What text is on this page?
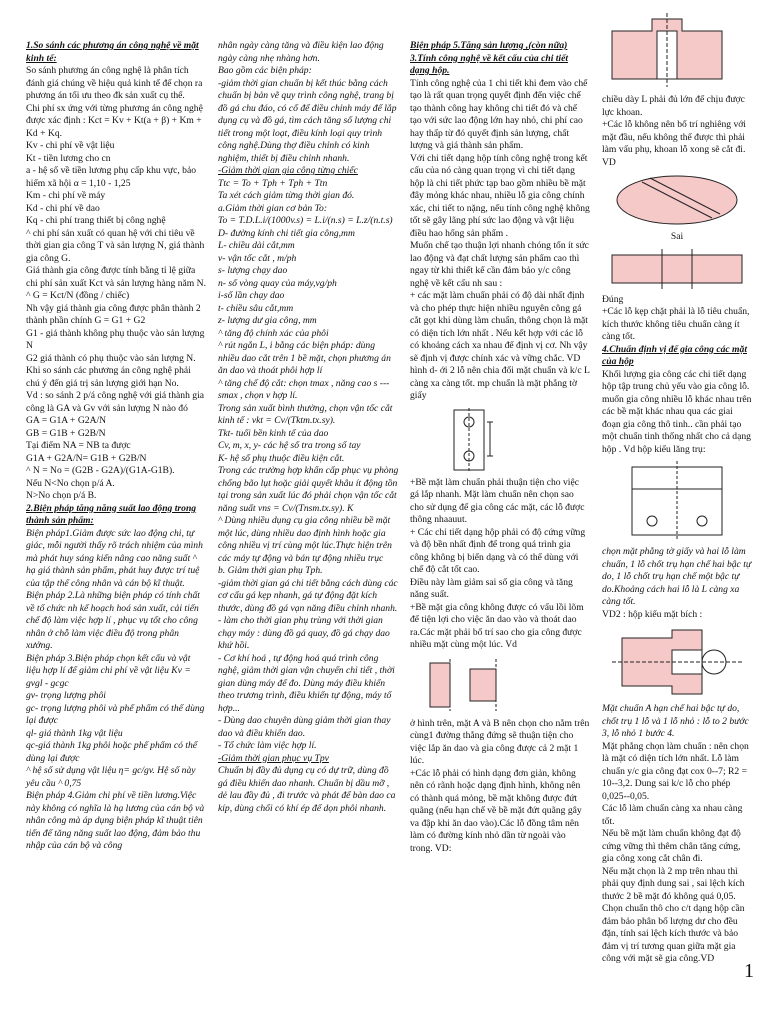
1.So sánh các phương án công nghệ về mặt kinh tế:

So sánh phương án công nghệ là phân tích đánh giá chúng về hiệu quả kinh tế để chọn ra phương án tối ưu theo đk sản xuất cụ thể.

Chi phí sx ứng với từng phương án công nghệ được xác định : Kct = Kv + Kt(a + β) + Km + Kd + Kq.

Kv - chi phí về vật liệu

Kt - tiền lương cho cn

a - hệ số về tiền lương phụ cấp khu vực, bảo hiểm xã hội α = 1,10 - 1,25

Km - chi phí về máy

Kd - chi phí về dao

Kq - chi phí trang thiết bị công nghệ

^ chi phí sản xuất có quan hệ với chi tiêu về thời gian gia công T và sản lượng N, giá thành gia công G.

Giá thành gia công được tính bằng tỉ lệ giữa chi phí sản xuất Kct và sản lượng hàng năm N.

^ G = Kct/N (đồng / chiếc)

Nh vậy giá thành gia công được phân thành 2 thành phần chính G = G1 + G2

G1 - giá thành không phụ thuộc vào sản lượng N

G2 giá thành có phụ thuộc vào sản lượng N.

Khi so sánh các phương án công nghệ phải chú ý đến giá trị sản lượng giới hạn No.

Vd : so sánh 2 p/á công nghệ với giá thành gia công là GA và Gv với sản lượng N nào đó

GA = G1A + G2A/N

GB = G1B + G2B/N

Tại điểm NA = NB ta được

G1A + G2A/N= G1B + G2B/N

^ N = No = (G2B - G2A)/(G1A-G1B).

Nếu N<No chọn p/á A.

N>No chọn p/á B.

2.Biện pháp tăng năng suất lao động trong thành sản phẩm:

Biện pháp1.Giảm được sức lao động chi, tự giác, mỗi người thấy rõ trách nhiệm của mình mà phát huy sáng kiến nâng cao năng suất ^ hạ giá thành sản phẩm, phát huy được trí tuệ của tập thể công nhân và cán bộ kĩ thuật.

Biện pháp 2.Là những biện pháp có tính chất về tổ chức nh kế hoạch hoá sản xuất, cải tiến chế độ làm việc hợp lí , phục vụ tốt cho công nhân ở chỗ làm việc điều độ trong phân xưởng.

Biện pháp 3.Biện pháp chọn kết cấu và vật liệu hợp lí để giảm chi phí về vật liệu Kv = gvgl - gcgc

gv- trọng lượng phôi

gc- trọng lượng phôi và phế phẩm có thể dùng lại được

ql- giá thành 1kg vật liệu

qc-giá thành 1kg phôi hoặc phế phẩm có thể dùng lại được

^ hệ số sử dụng vật liệu η= gc/gv. Hệ số này yêu cầu ^ 0,75

Biện pháp 4.Giảm chi phí về tiền lương.Việc này không có nghĩa là hạ lương của cán bộ và nhân công mà áp dụng biện pháp kĩ thuật tiên tiến để tăng năng suất lao động, đảm bảo thu nhập của cán bộ và công

nhân ngày càng tăng và điều kiện lao động ngày càng nhẹ nhàng hơn.

Bao gồm các biện pháp:

-giảm thời gian chuẩn bị kết thúc bằng cách chuẩn bị bản vẽ quy trình công nghệ, trang bị đồ gá chu đáo, có cố để điều chỉnh máy để lắp dụng cụ và đồ gá, tìm cách tăng số lượng chi tiết trong một loạt, điều kính loại quy trình công nghệ.Dùng thợ điều chỉnh có kinh nghiệm, thiết bị điều chỉnh nhanh.

-Giảm thời gian gia công từng chiếc

Ttc = To + Tph + Tph + Ttn

Ta xét cách giảm từng thời gian đó.

a.Giảm thời gian cơ bản To:

To = T.D.L.i/(1000v.s) = L.i/(n.s) = L.z/(n.t.s)

D- đường kính chi tiết gia công,mm

L- chiều dài cắt,mm

v- vận tốc cắt , m/ph

s- lượng chạy dao

n- số vòng quay của máy,vg/ph

i-số lần chạy dao

t- chiều sâu cắt,mm

z- lượng dư gia công, mm

^ tăng độ chính xác của phôi

^ rút ngắn L, i bằng các biện pháp: dùng

nhiều dao cắt trên 1 bề mặt, chọn phương án ăn dao và thoát phôi hợp lí

^ tăng chế độ cắt: chọn tmax , năng cao s --- smax , chọn v hợp lí.

Trong sản xuất bình thường, chọn vận tốc cắt kinh tế : vkt = Cv/(Tktm.tx.sy).

Tkt- tuổi bền kinh tế của dao

Cv, m, x, y- các hệ số tra trong sổ tay

K- hệ số phụ thuộc điều kiện cắt.

Trong các trường hợp khẩn cấp phục vụ phòng chống bão lụt hoặc giải quyết khâu ít động tồn tại trong sản xuất lúc đó phải chọn vận tốc cắt năng suất vns = Cv/(Tnsm.tx.sy). K

^ Dùng nhiều dụng cụ gia công nhiều bề mặt một lúc, dùng nhiều dao định hình hoặc gia công nhiều vị trí cùng một lúc.Thực hiện trên các máy tự động và bán tự động nhiều trục

b. Giảm thời gian phụ Tph.

-giảm thời gian gá chi tiết bằng cách dùng các cơ cấu gá kẹp nhanh, gá tự động đặt kích thước, dùng đồ gá vạn năng điều chỉnh nhanh.

- làm cho thời gian phụ trùng với thời gian chạy máy : dùng đồ gá quay, đồ gá chạy dao khứ hồi.

- Cơ khí hoá , tự động hoá quá trình công nghệ, giảm thời gian vận chuyển chi tiết , thời gian dùng máy để đo. Dùng máy điều khiển theo trương trình, điều khiển tự động, máy tổ hợp...

- Dùng dao chuyên dùng giảm thời gian thay dao và điều khiển dao.

- Tổ chức làm việc hợp lí.

-Giảm thời gian phục vụ Tpv

Chuẩn bị đầy đủ dụng cụ có dự trữ, dùng đồ gá điều khiển dao nhanh. Chuẩn bị dầu mỡ , dẻ lau đầy đủ , đi trước và phát để bàn dao ca kíp, dùng chổi có khí ép để dọn phôi nhanh.

Biện pháp 5.Tăng sản lượng ,(còn nữa)

3.Tính công nghệ về kết cấu của chi tiết dạng hộp.

Tính công nghệ của 1 chi tiết khi đem vào chế tạo là rất quan trọng quyết định đến việc chế tạo thành công hay không chi tiết đó và chế tạo với sức lao động lớn hay nhỏ, chi phí cao hay thấp từ đó quyết định sản lượng, chất lượng và giá thành sản phẩm.

Với chi tiết dạng hộp tính công nghệ trong kết cấu của nó càng quan trọng vì chi tiết dạng hộp là chi tiết phức tạp bao gồm nhiều bề mặt đây mỏng khác nhau, nhiều lỗ gia công chính xác, chi tiết to nặng, nếu tính công nghệ không tốt sẽ gây lãng phí sức lao động và vật liệu điều hao hổng sản phẩm .

Muốn chế tạo thuận lợi nhanh chóng tốn ít sức lao động và đạt chất lượng sản phẩm cao thì ngay từ khi thiết kế cần đảm bảo y/c công nghệ về kết cấu nh sau :

+ các mặt làm chuẩn phải có độ dài nhất định và cho phép thực hiện nhiều nguyên công gá cắt gọt khi dùng làm chuẩn, thông chọn là mặt có diện tích lớn nhất . Nếu kết hợp với các lỗ có khoảng cách xa nhau để định vị cơ. Nh vậy sẽ định vị được chính xác và vững chắc. VD hình d- ới 2 lỗ nên chia đối mặt chuẩn và k/c L càng xa càng tốt. mp chuẩn là mặt phẳng tờ giấy

+Bề mặt làm chuẩn phải thuận tiện cho việc gá lắp nhanh. Mặt làm chuẩn nên chọn sao cho sử dụng để gia công các mặt, các lỗ được thông nhaauut.

+ Các chi tiết dạng hộp phải có độ cứng vững và độ bền nhất định để trong quá trình gia công không bị biến dạng và có thể dùng với chế độ cắt tốt cao.

Điều này làm giảm sai số gia công và tăng năng suất.

+Bề mặt gia công không được có vấu lồi lõm để tiện lợi cho việc ăn dao vào và thoát dao ra.Các mặt phải bố trí sao cho gia công được nhiều mặt cùng một lúc. Vd

ở hình trên, mặt A và B nên chọn cho nằm trên cùng1 đường thẳng đứng sẽ thuận tiện cho việc lắp ăn dao và gia công được cả 2 mặt 1 lúc.

+Các lỗ phải có hình dạng đơn giản, không nên có rãnh hoặc dạng định hình, không nên có thành quá mỏng, bề mặt không được đứt quãng (nếu hạn chế về bề mặt đứt quãng gây va đập khi ăn dao vào).Các lỗ đồng tâm nên làm có đường kính nhỏ dần từ ngoài vào trong. VD:

chiều dày L phải đủ lớn để chịu được lực khoan.

+Các lỗ không nên bố trí nghiêng với mặt đầu, nếu không thể được thì phải làm vấu phụ, khoan lỗ xong sẽ cắt đi. VD

Sai

Đúng

+Các lỗ kẹp chặt phải là lỗ tiêu chuẩn, kích thước không tiêu chuẩn càng ít càng tốt.

4.Chuẩn định vị để gia công các mặt của hộp

Khối lượng gia công các chi tiết dạng hộp tập trung chủ yếu vào gia công lỗ. muốn gia công nhiều lỗ khác nhau trên các bề mặt khác nhau qua các giai đoạn gia công thô tinh.. cần phải tạo một chuẩn tinh thống nhất cho cả dạng hộp . Vd hộp kiểu lăng trụ:

chọn mặt phẳng tờ giấy và hai lỗ làm chuẩn, 1 lỗ chốt trụ hạn chế hai bậc tự do, 1 lỗ chốt trụ hạn chế một bậc tự do.Khoảng cách hai lỗ là L càng xa càng tốt.

VD2 : hộp kiểu mặt bích :

Mặt chuẩn A hạn chế hai bậc tự do, chốt trụ 1 lỗ và 1 lỗ nhỏ : lỗ to 2 bước 3, lỗ nhỏ 1 bước 4.

Mặt phẳng chọn làm chuẩn : nên chọn là mặt có diện tích lớn nhất. Lỗ làm chuẩn y/c gia công đạt cox 0--7; R2 = 10--3,2. Dung sai k/c lỗ cho phép 0,025--0,05.

Các lỗ làm chuẩn càng xa nhau càng tốt.

Nếu bề mặt làm chuẩn không đạt độ cứng vững thì thêm chân tăng cứng, gia công xong cắt chân đi.

Nếu mặt chọn là 2 mp trên nhau thì phải quy định dung sai , sai lệch kích thước 2 bề mặt đó không quá 0,05.

Chọn chuẩn thô cho c/t dạng hộp cần đảm bảo phân bổ lượng dư cho đều đặn, tính sai lệch kích thước và bảo đảm vị trí tương quan giữa mặt gia công với mặt sẽ gia công.VD

1
